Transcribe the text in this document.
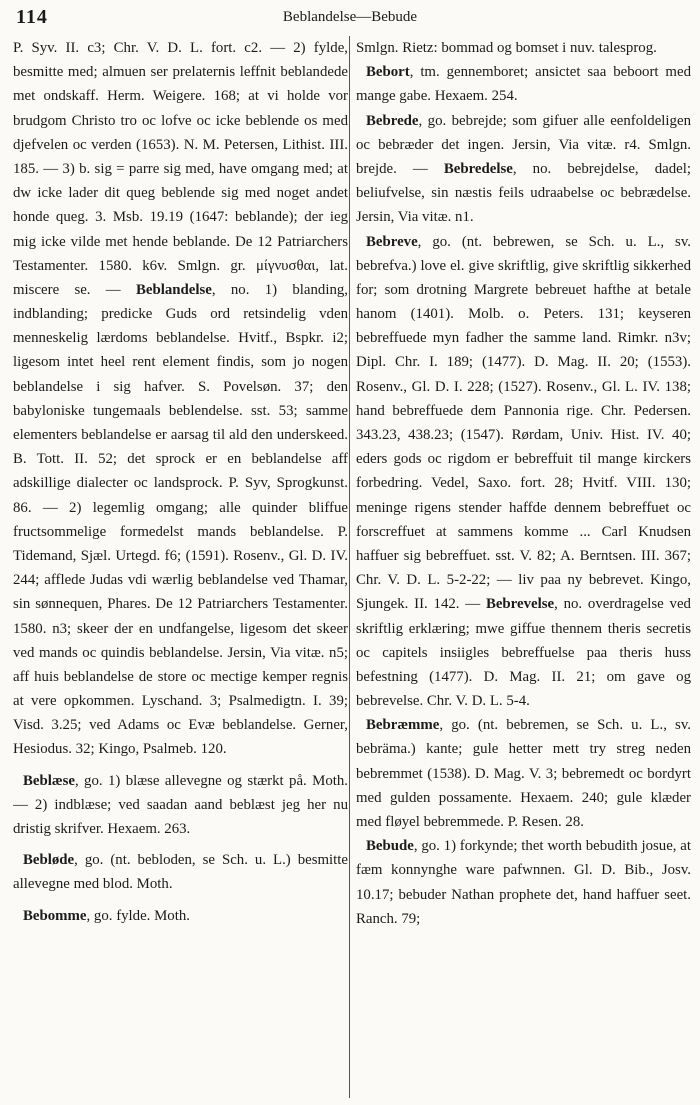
114	Beblandelse—Bebude

P. Syv. II. c3; Chr. V. D. L. fort. c2. — 2) fylde, besmitte med; almuen ser prelaternis leffnit beblandede met ondskaff. Herm. Weigere. 168; at vi holde vor brudgom Christo tro oc lofve oc icke beblende os med djefvelen oc verden (1653). N. M. Petersen, Lithist. III. 185. — 3) b. sig = parre sig med, have omgang med; at dw icke lader dit queg beblende sig med noget andet honde queg. 3. Msb. 19.19 (1647: beblande); der ieg mig icke vilde met hende beblande. De 12 Patriarchers Testamenter. 1580. k6v. Smlgn. gr. μίγνυσθαι, lat. miscere se. — Beblandelse, no. 1) blanding, indblanding; predicke Guds ord retsindelig vden menneskelig lærdoms beblandelse. Hvitf., Bspkr. i2; ligesom intet heel rent element findis, som jo nogen beblandelse i sig hafver. S. Povelsøn. 37; den babyloniske tungemaals beblendelse. sst. 53; samme elementers beblandelse er aarsag til ald den underskeed. B. Tott. II. 52; det sprock er en beblandelse aff adskillige dialecter oc landsprock. P. Syv, Sprogkunst. 86. — 2) legemlig omgang; alle quinder bliffue fructsommelige formedelst mands beblandelse. P. Tidemand, Sjæl. Urtegd. f6; (1591). Rosenv., Gl. D. IV. 244; afflede Judas vdi wærlig beblandelse ved Thamar, sin sønnequen, Phares. De 12 Patriarchers Testamenter. 1580. n3; skeer der en undfangelse, ligesom det skeer ved mands oc quindis beblandelse. Jersin, Via vitæ. n5; aff huis beblandelse de store oc mectige kemper regnis at vere opkommen. Lyschand. 3; Psalmedigtn. I. 39; Visd. 3.25; ved Adams oc Evæ beblandelse. Gerner, Hesiodus. 32; Kingo, Psalmeb. 120.

Beblæse, go. 1) blæse allevegne og stærkt på. Moth. — 2) indblæse; ved saadan aand beblæst jeg her nu dristig skrifver. Hexaem. 263.

Bebløde, go. (nt. bebloden, se Sch. u. L.) besmitte allevegne med blod. Moth.

Bebomme, go. fylde. Moth.

Smlgn. Rietz: bommad og bomset i nuv. talesprog.

Bebort, tm. gennemboret; ansictet saa beboort med mange gabe. Hexaem. 254.

Bebrede, go. bebrejde; som gifuer alle eenfoldeligen oc bebræder det ingen. Jersin, Via vitæ. r4. Smlgn. brejde. — Bebredelse, no. bebrejdelse, dadel; beliufvelse, sin næstis feils udraabelse oc bebrædelse. Jersin, Via vitæ. n1.

Bebreve, go. (nt. bebrewen, se Sch. u. L., sv. bebrefva.) love el. give skriftlig, give skriftlig sikkerhed for; som drotning Margrete bebreuet hafthe at betale hanom (1401). Molb. o. Peters. 131; keyseren bebreffuede myn fadher the samme land. Rimkr. n3v; Dipl. Chr. I. 189; (1477). D. Mag. II. 20; (1553). Rosenv., Gl. D. I. 228; (1527). Rosenv., Gl. L. IV. 138; hand bebreffuede dem Pannonia rige. Chr. Pedersen. 343.23, 438.23; (1547). Rørdam, Univ. Hist. IV. 40; eders gods oc rigdom er bebreffuit til mange kirckers forbedring. Vedel, Saxo. fort. 28; Hvitf. VIII. 130; meninge rigens stender haffde dennem bebreffuet oc forscreffuet at sammens komme ... Carl Knudsen haffuer sig bebreffuet. sst. V. 82; A. Berntsen. III. 367; Chr. V. D. L. 5-2-22; — liv paa ny bebrevet. Kingo, Sjungek. II. 142. — Bebrevelse, no. overdragelse ved skriftlig erklæring; mwe giffue thennem theris secretis oc capitels insiigles bebreffuelse paa theris huss befestning (1477). D. Mag. II. 21; om gave og bebrevelse. Chr. V. D. L. 5-4.

Bebræmme, go. (nt. bebremen, se Sch. u. L., sv. bebräma.) kante; gule hetter mett try streg neden bebremmet (1538). D. Mag. V. 3; bebremedt oc bordyrt med gulden possamente. Hexaem. 240; gule klæder med fløyel bebremmede. P. Resen. 28.

Bebude, go. 1) forkynde; thet worth bebudith josue, at fæm konnynghe ware pafwnnen. Gl. D. Bib., Josv. 10.17; bebuder Nathan prophete det, hand haffuer seet. Ranch. 79;
